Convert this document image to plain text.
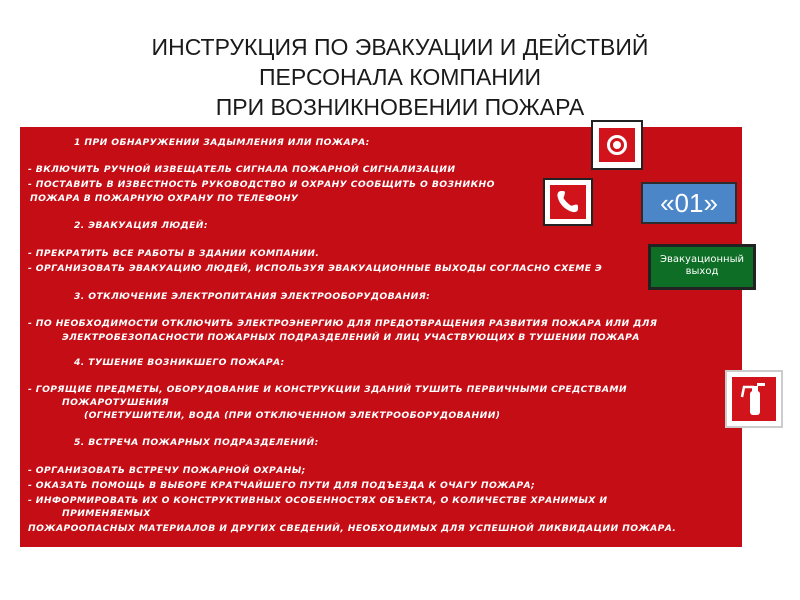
ИНСТРУКЦИЯ ПО ЭВАКУАЦИИ И ДЕЙСТВИЙ
ПЕРСОНАЛА КОМПАНИИ
ПРИ ВОЗНИКНОВЕНИИ ПОЖАРА
1 ПРИ ОБНАРУЖЕНИИ ЗАДЫМЛЕНИЯ ИЛИ ПОЖАРА:
- ВКЛЮЧИТЬ РУЧНОЙ ИЗВЕЩАТЕЛЬ СИГНАЛА ПОЖАРНОЙ СИГНАЛИЗАЦИИ
- ПОСТАВИТЬ В ИЗВЕСТНОСТЬ РУКОВОДСТВО И ОХРАНУ СООБЩИТЬ О ВОЗНИКНО
ПОЖАРА В ПОЖАРНУЮ ОХРАНУ ПО ТЕЛЕФОНУ
2. ЭВАКУАЦИЯ ЛЮДЕЙ:
- ПРЕКРАТИТЬ ВСЕ РАБОТЫ В ЗДАНИИ КОМПАНИИ.
- ОРГАНИЗОВАТЬ ЭВАКУАЦИЮ ЛЮДЕЙ, ИСПОЛЬЗУЯ ЭВАКУАЦИОННЫЕ ВЫХОДЫ СОГЛАСНО СХЕМЕ Э
3. ОТКЛЮЧЕНИЕ ЭЛЕКТРОПИТАНИЯ ЭЛЕКТРООБОРУДОВАНИЯ:
- ПО НЕОБХОДИМОСТИ ОТКЛЮЧИТЬ ЭЛЕКТРОЭНЕРГИЮ ДЛЯ ПРЕДОТВРАЩЕНИЯ РАЗВИТИЯ ПОЖАРА ИЛИ ДЛЯ
ЭЛЕКТРОБЕЗОПАСНОСТИ ПОЖАРНЫХ ПОДРАЗДЕЛЕНИЙ И ЛИЦ УЧАСТВУЮЩИХ В ТУШЕНИИ ПОЖАРА
4. ТУШЕНИЕ ВОЗНИКШЕГО ПОЖАРА:
- ГОРЯЩИЕ ПРЕДМЕТЫ, ОБОРУДОВАНИЕ И КОНСТРУКЦИИ ЗДАНИЙ ТУШИТЬ ПЕРВИЧНЫМИ СРЕДСТВАМИ
ПОЖАРОТУШЕНИЯ
(ОГНЕТУШИТЕЛИ, ВОДА (ПРИ ОТКЛЮЧЕННОМ ЭЛЕКТРООБОРУДОВАНИИ)
5. ВСТРЕЧА ПОЖАРНЫХ ПОДРАЗДЕЛЕНИЙ:
- ОРГАНИЗОВАТЬ ВСТРЕЧУ ПОЖАРНОЙ ОХРАНЫ;
- ОКАЗАТЬ ПОМОЩЬ В ВЫБОРЕ КРАТЧАЙШЕГО ПУТИ ДЛЯ ПОДЪЕЗДА К ОЧАГУ ПОЖАРА;
- ИНФОРМИРОВАТЬ ИХ О КОНСТРУКТИВНЫХ ОСОБЕННОСТЯХ ОБЪЕКТА, О КОЛИЧЕСТВЕ ХРАНИМЫХ И
ПРИМЕНЯЕМЫХ
ПОЖАРООПАСНЫХ МАТЕРИАЛОВ И ДРУГИХ СВЕДЕНИЙ, НЕОБХОДИМЫХ ДЛЯ УСПЕШНОЙ ЛИКВИДАЦИИ ПОЖАРА.
«01»
Эвакуационный
выход
